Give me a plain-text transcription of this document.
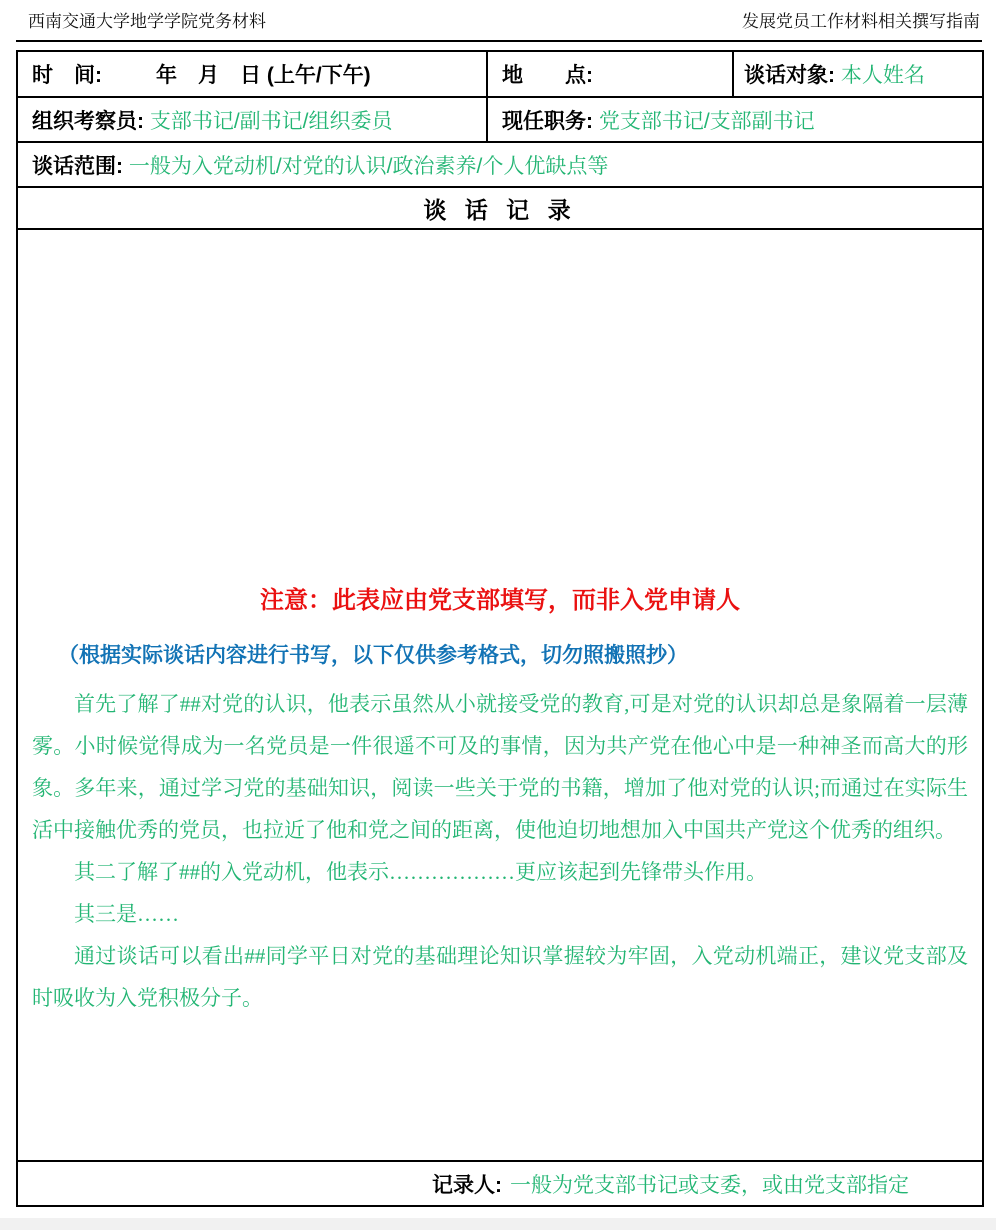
西南交通大学地学学院党务材料	发展党员工作材料相关撰写指南
时　间: 年　月　日 (上午/下午)	地　　点:	谈话对象: 本人姓名
组织考察员: 支部书记/副书记/组织委员	现任职务: 党支部书记/支部副书记	
谈话范围: 一般为入党动机/对党的认识/政治素养/个人优缺点等		
谈 话 记 录		

注意：此表应由党支部填写，而非入党申请人
（根据实际谈话内容进行书写，以下仅供参考格式，切勿照搬照抄）

首先了解了##对党的认识，他表示虽然从小就接受党的教育,可是对党的认识却总是象隔着一层薄雾。小时候觉得成为一名党员是一件很遥不可及的事情，因为共产党在他心中是一种神圣而高大的形象。多年来，通过学习党的基础知识，阅读一些关于党的书籍，增加了他对党的认识;而通过在实际生活中接触优秀的党员，也拉近了他和党之间的距离，使他迫切地想加入中国共产党这个优秀的组织。

其二了解了##的入党动机，他表示………………更应该起到先锋带头作用。

其三是……

通过谈话可以看出##同学平日对党的基础理论知识掌握较为牢固，入党动机端正，建议党支部及时吸收为入党积极分子。

记录人: 一般为党支部书记或支委，或由党支部指定		
